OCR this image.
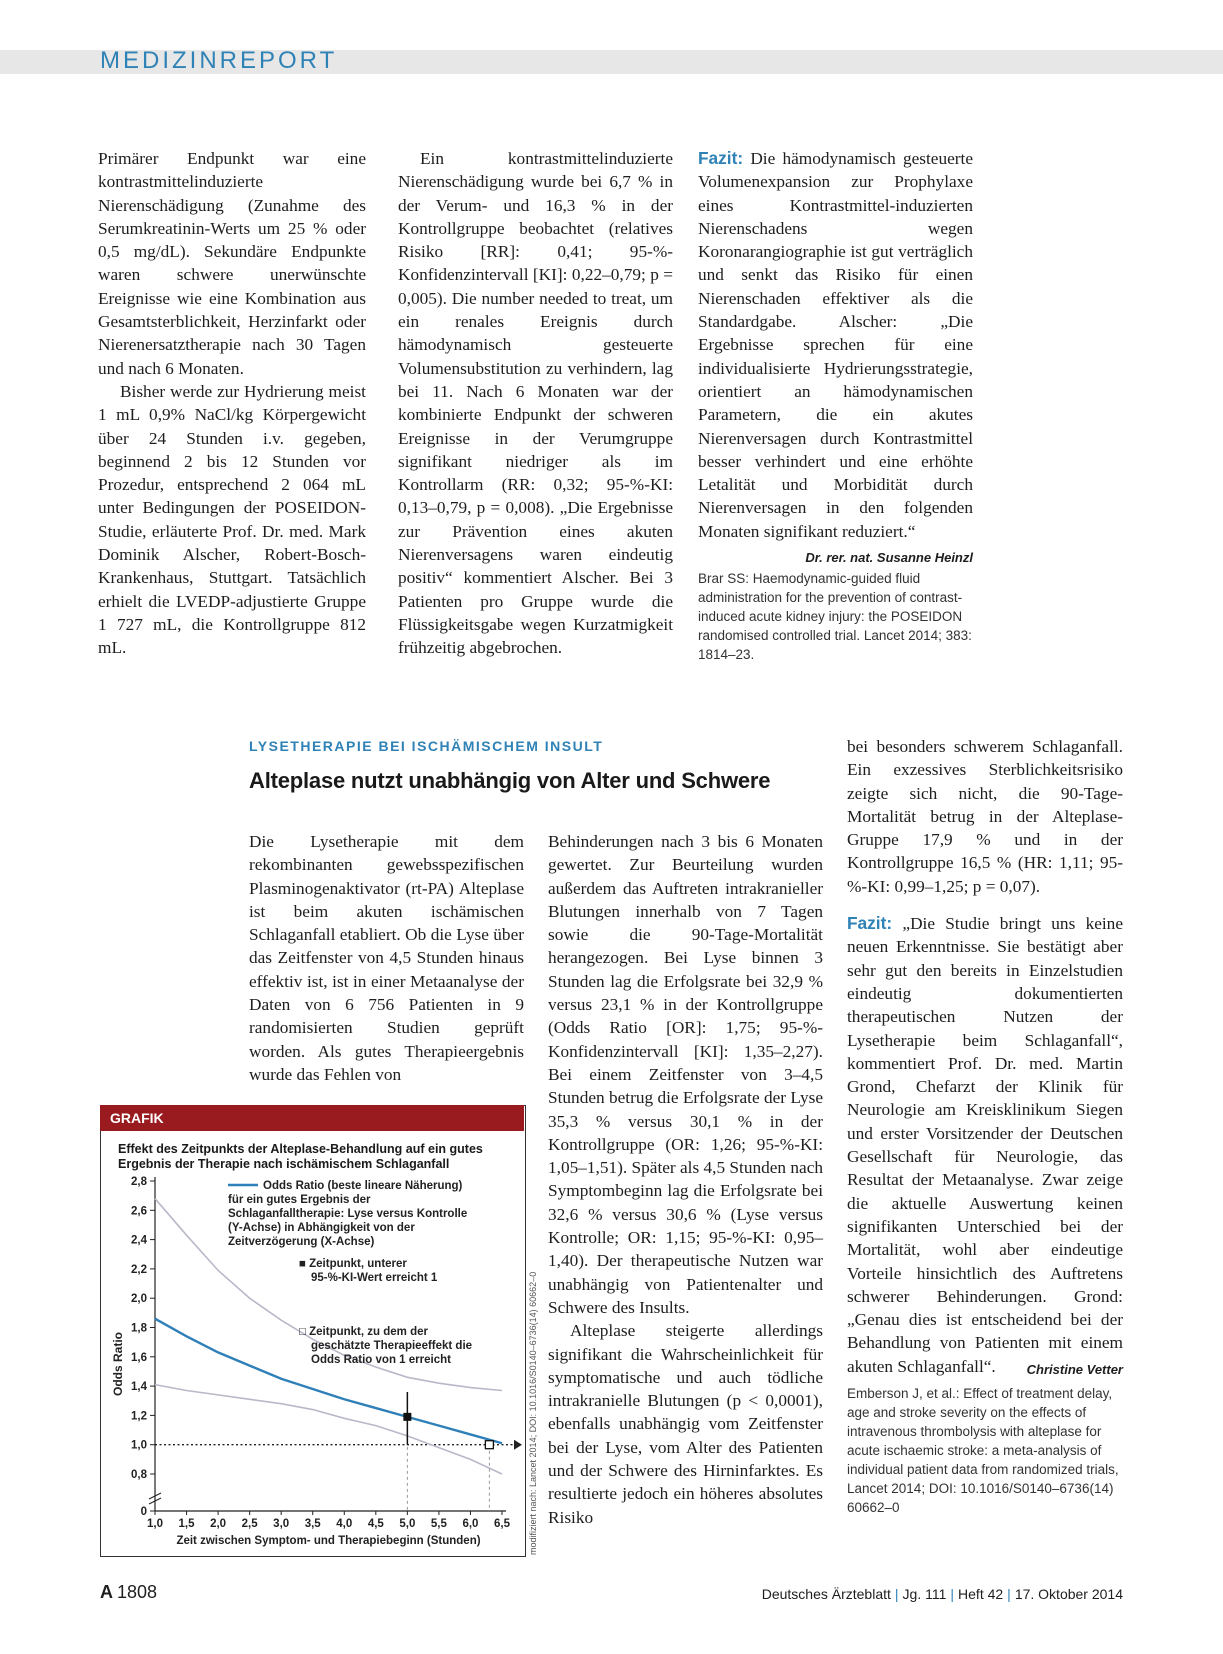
MEDIZINREPORT

Primärer Endpunkt war eine kontrastmittelinduzierte Nierenschädigung (Zunahme des Serumkreatinin-Werts um 25 % oder 0,5 mg/dL). Sekundäre Endpunkte waren schwere unerwünschte Ereignisse wie eine Kombination aus Gesamtsterblichkeit, Herzinfarkt oder Nierenersatztherapie nach 30 Tagen und nach 6 Monaten.

Bisher werde zur Hydrierung meist 1 mL 0,9% NaCl/kg Körpergewicht über 24 Stunden i.v. gegeben, beginnend 2 bis 12 Stunden vor Prozedur, entsprechend 2 064 mL unter Bedingungen der POSEIDON-Studie, erläuterte Prof. Dr. med. Mark Dominik Alscher, Robert-Bosch-Krankenhaus, Stuttgart. Tatsächlich erhielt die LVEDP-adjustierte Gruppe 1 727 mL, die Kontrollgruppe 812 mL.

Ein kontrastmittelinduzierte Nierenschädigung wurde bei 6,7 % in der Verum- und 16,3 % in der Kontrollgruppe beobachtet (relatives Risiko [RR]: 0,41; 95-%-Konfidenzintervall [KI]: 0,22–0,79; p = 0,005). Die number needed to treat, um ein renales Ereignis durch hämodynamisch gesteuerte Volumensubstitution zu verhindern, lag bei 11. Nach 6 Monaten war der kombinierte Endpunkt der schweren Ereignisse in der Verumgruppe signifikant niedriger als im Kontrollarm (RR: 0,32; 95-%-KI: 0,13–0,79, p = 0,008). „Die Ergebnisse zur Prävention eines akuten Nierenversagens waren eindeutig positiv“ kommentiert Alscher. Bei 3 Patienten pro Gruppe wurde die Flüssigkeitsgabe wegen Kurzatmigkeit frühzeitig abgebrochen.

Fazit: Die hämodynamisch gesteuerte Volumenexpansion zur Prophylaxe eines Kontrastmittel-induzierten Nierenschadens wegen Koronarangiographie ist gut verträglich und senkt das Risiko für einen Nierenschaden effektiver als die Standardgabe. Alscher: „Die Ergebnisse sprechen für eine individualisierte Hydrierungsstrategie, orientiert an hämodynamischen Parametern, die ein akutes Nierenversagen durch Kontrastmittel besser verhindert und eine erhöhte Letalität und Morbidität durch Nierenversagen in den folgenden Monaten signifikant reduziert.“
Dr. rer. nat. Susanne Heinzl

Brar SS: Haemodynamic-guided fluid administration for the prevention of contrast-induced acute kidney injury: the POSEIDON randomised controlled trial. Lancet 2014; 383: 1814–23.

LYSETHERAPIE BEI ISCHÄMISCHEM INSULT
Alteplase nutzt unabhängig von Alter und Schwere

Die Lysetherapie mit dem rekombinanten gewebsspezifischen Plasminogenaktivator (rt-PA) Alteplase ist beim akuten ischämischen Schlaganfall etabliert. Ob die Lyse über das Zeitfenster von 4,5 Stunden hinaus effektiv ist, ist in einer Metaanalyse der Daten von 6 756 Patienten in 9 randomisierten Studien geprüft worden. Als gutes Therapieergebnis wurde das Fehlen von

Behinderungen nach 3 bis 6 Monaten gewertet. Zur Beurteilung wurden außerdem das Auftreten intrakranieller Blutungen innerhalb von 7 Tagen sowie die 90-Tage-Mortalität herangezogen. Bei Lyse binnen 3 Stunden lag die Erfolgsrate bei 32,9 % versus 23,1 % in der Kontrollgruppe (Odds Ratio [OR]: 1,75; 95-%-Konfidenzintervall [KI]: 1,35–2,27). Bei einem Zeitfenster von 3–4,5 Stunden betrug die Erfolgsrate der Lyse 35,3 % versus 30,1 % in der Kontrollgruppe (OR: 1,26; 95-%-KI: 1,05–1,51). Später als 4,5 Stunden nach Symptombeginn lag die Erfolgsrate bei 32,6 % versus 30,6 % (Lyse versus Kontrolle; OR: 1,15; 95-%-KI: 0,95–1,40). Der therapeutische Nutzen war unabhängig von Patientenalter und Schwere des Insults.

Alteplase steigerte allerdings signifikant die Wahrscheinlichkeit für symptomatische und auch tödliche intrakranielle Blutungen (p < 0,0001), ebenfalls unabhängig vom Zeitfenster bei der Lyse, vom Alter des Patienten und der Schwere des Hirninfarktes. Es resultierte jedoch ein höheres absolutes Risiko

bei besonders schwerem Schlaganfall. Ein exzessives Sterblichkeitsrisiko zeigte sich nicht, die 90-Tage-Mortalität betrug in der Alteplase-Gruppe 17,9 % und in der Kontrollgruppe 16,5 % (HR: 1,11; 95-%-KI: 0,99–1,25; p = 0,07).

Fazit: „Die Studie bringt uns keine neuen Erkenntnisse. Sie bestätigt aber sehr gut den bereits in Einzelstudien eindeutig dokumentierten therapeutischen Nutzen der Lysetherapie beim Schlaganfall“, kommentiert Prof. Dr. med. Martin Grond, Chefarzt der Klinik für Neurologie am Kreisklinikum Siegen und erster Vorsitzender der Deutschen Gesellschaft für Neurologie, das Resultat der Metaanalyse. Zwar zeige die aktuelle Auswertung keinen signifikanten Unterschied bei der Mortalität, wohl aber eindeutige Vorteile hinsichtlich des Auftretens schwerer Behinderungen. Grond: „Genau dies ist entscheidend bei der Behandlung von Patienten mit einem akuten Schlaganfall“. Christine Vetter

Emberson J, et al.: Effect of treatment delay, age and stroke severity on the effects of intravenous thrombolysis with alteplase for acute ischaemic stroke: a meta-analysis of individual patient data from randomized trials, Lancet 2014; DOI: 10.1016/S0140–6736(14) 60662–0

GRAFIK
modifiziert nach: Lancet 2014; DOI: 10.1016/S0140–6736(14) 60662–0
Effekt des Zeitpunkts der Alteplase-Behandlung auf ein gutes
Ergebnis der Therapie nach ischämischem Schlaganfall
0
0,8
1,0
1,2
1,4
1,6
1,8
2,0
2,2
2,4
2,6
2,8
1,0 1,5 2,0 2,5 3,0 3,5 4,0 4,5 5,0 5,5 6,0 6,5
Odds Ratio
Zeit zwischen Symptom- und Therapiebeginn (Stunden)
Odds Ratio (beste lineare Näherung)
für ein gutes Ergebnis der
Schlaganfalltherapie: Lyse versus Kontrolle
(Y-Achse) in Abhängigkeit von der
Zeitverzögerung (X-Achse)
■ Zeitpunkt, unterer
95-%-KI-Wert erreicht 1
□ Zeitpunkt, zu dem der
geschätzte Therapieeffekt die
Odds Ratio von 1 erreicht
A 1808	Deutsches Ärzteblatt | Jg. 111 | Heft 42 | 17. Oktober 2014
